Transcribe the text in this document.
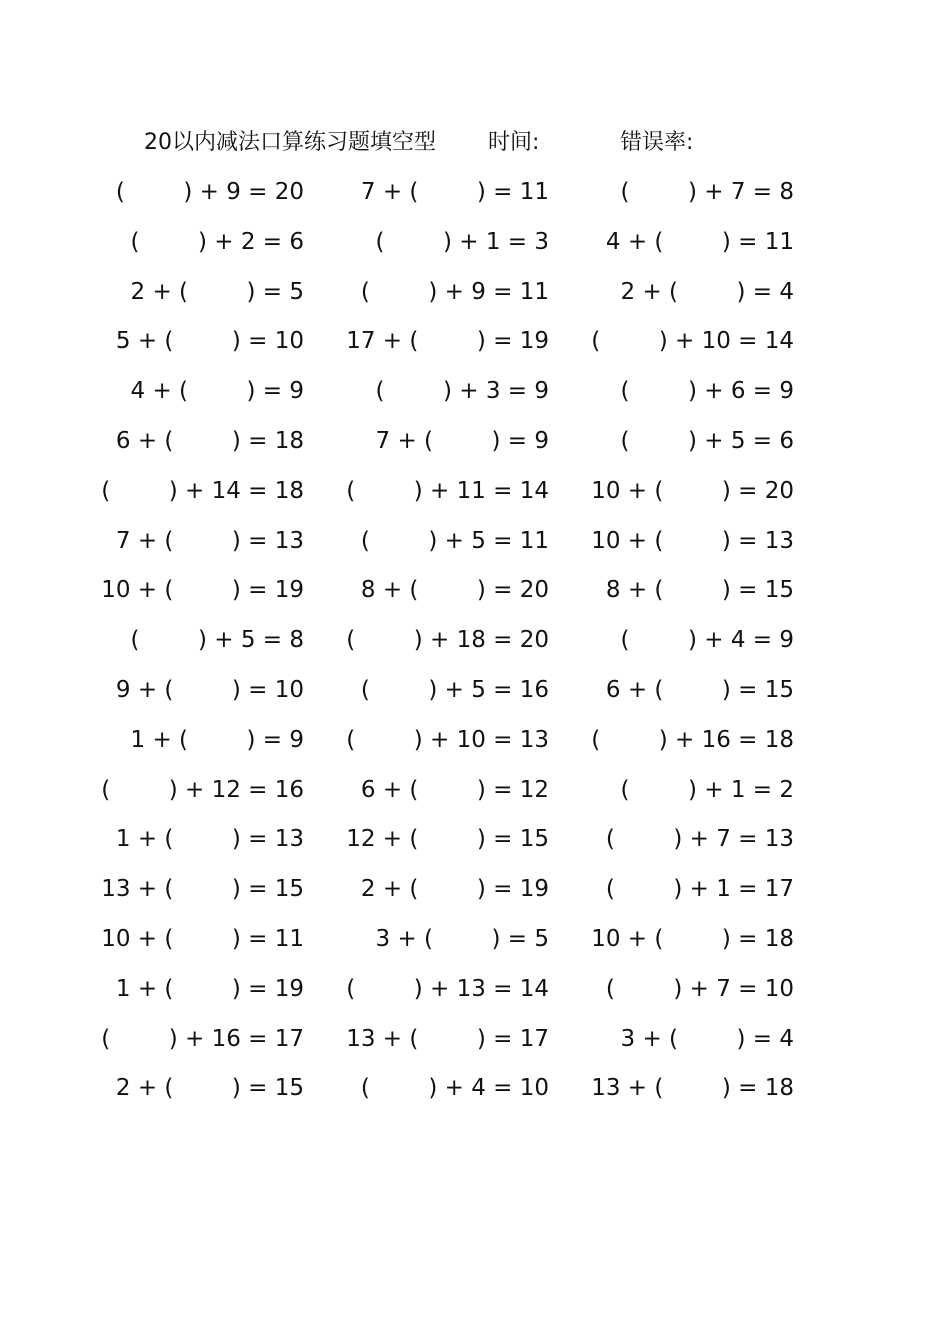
20以内减法口算练习题填空型 时间:	错误率:
(        ) + 9 = 20	7 + (        ) = 11	(        ) + 7 = 8
(        ) + 2 = 6	(        ) + 1 = 3	4 + (        ) = 11
2 + (        ) = 5	(        ) + 9 = 11	2 + (        ) = 4
5 + (        ) = 10	17 + (        ) = 19	(        ) + 10 = 14
4 + (        ) = 9	(        ) + 3 = 9	(        ) + 6 = 9
6 + (        ) = 18	7 + (        ) = 9	(        ) + 5 = 6
(        ) + 14 = 18	(        ) + 11 = 14	10 + (        ) = 20
7 + (        ) = 13	(        ) + 5 = 11	10 + (        ) = 13
10 + (        ) = 19	8 + (        ) = 20	8 + (        ) = 15
(        ) + 5 = 8	(        ) + 18 = 20	(        ) + 4 = 9
9 + (        ) = 10	(        ) + 5 = 16	6 + (        ) = 15
1 + (        ) = 9	(        ) + 10 = 13	(        ) + 16 = 18
(        ) + 12 = 16	6 + (        ) = 12	(        ) + 1 = 2
1 + (        ) = 13	12 + (        ) = 15	(        ) + 7 = 13
13 + (        ) = 15	2 + (        ) = 19	(        ) + 1 = 17
10 + (        ) = 11	3 + (        ) = 5	10 + (        ) = 18
1 + (        ) = 19	(        ) + 13 = 14	(        ) + 7 = 10
(        ) + 16 = 17	13 + (        ) = 17	3 + (        ) = 4
2 + (        ) = 15	(        ) + 4 = 10	13 + (        ) = 18
